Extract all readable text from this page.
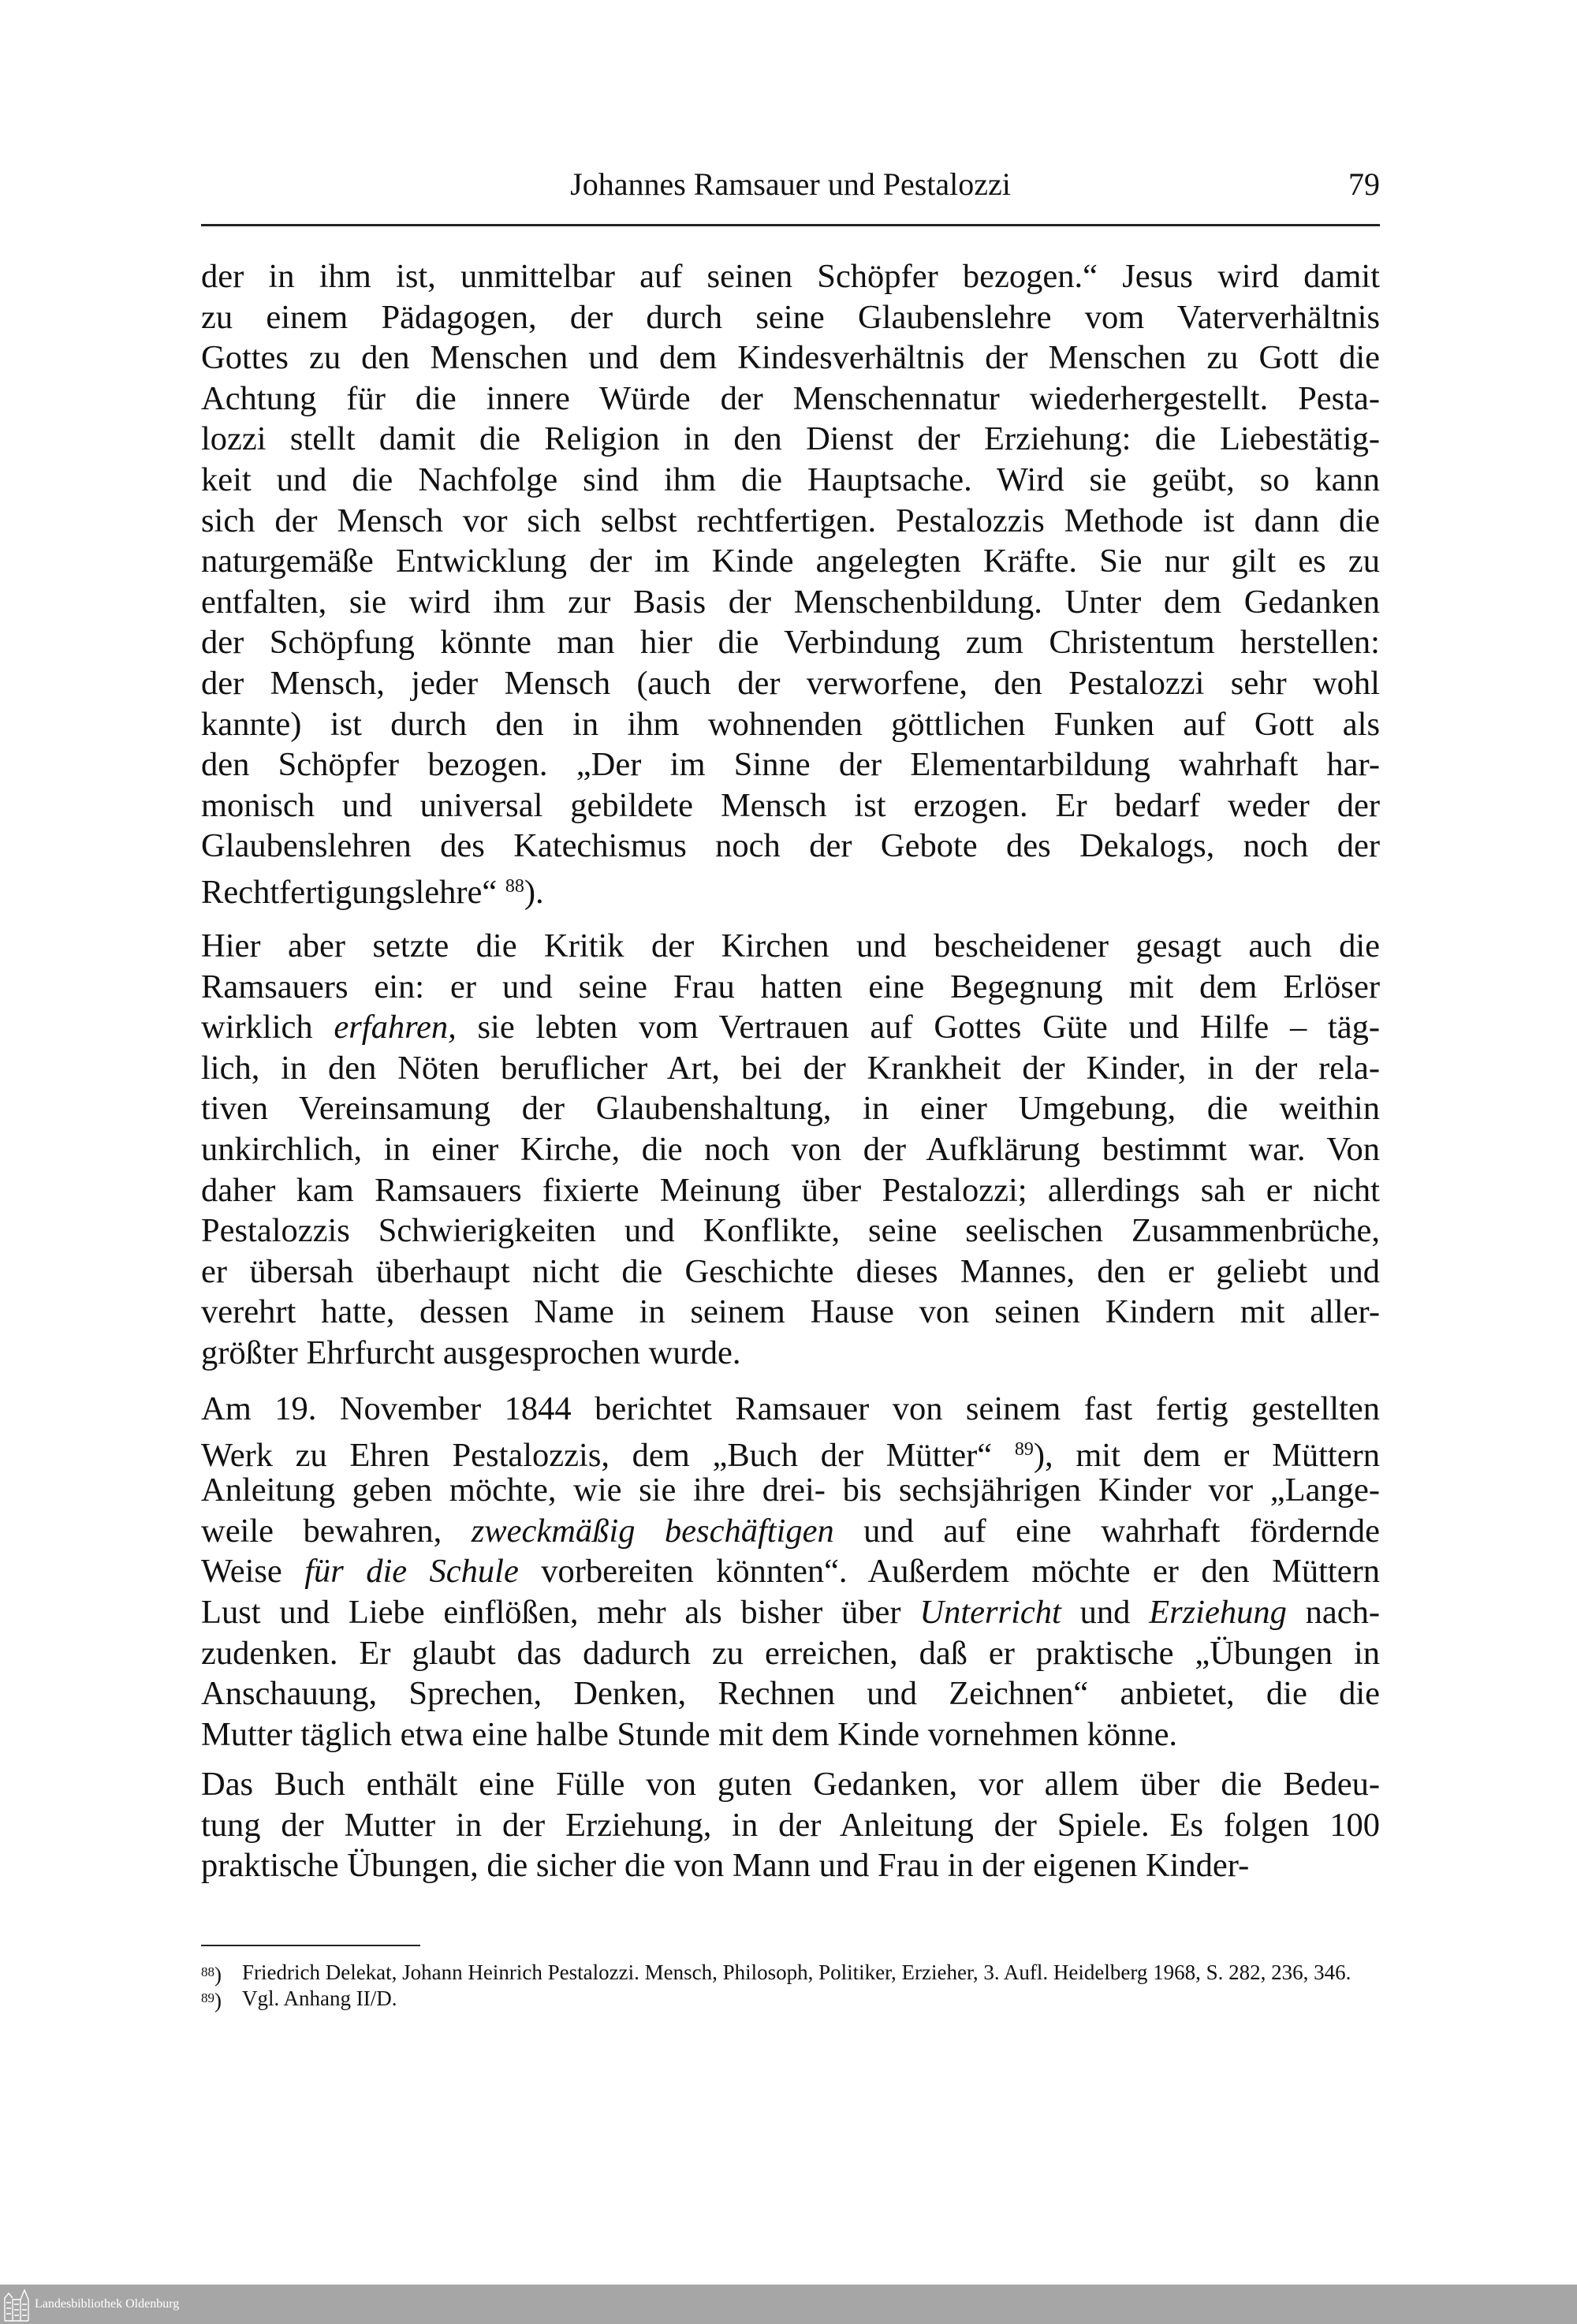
Johannes Ramsauer und Pestalozzi	79
der in ihm ist, unmittelbar auf seinen Schöpfer bezogen.“ Jesus wird damit
zu einem Pädagogen, der durch seine Glaubenslehre vom Vaterverhältnis
Gottes zu den Menschen und dem Kindesverhältnis der Menschen zu Gott die
Achtung für die innere Würde der Menschennatur wiederhergestellt. Pesta-
lozzi stellt damit die Religion in den Dienst der Erziehung: die Liebestätig-
keit und die Nachfolge sind ihm die Hauptsache. Wird sie geübt, so kann
sich der Mensch vor sich selbst rechtfertigen. Pestalozzis Methode ist dann die
naturgemäße Entwicklung der im Kinde angelegten Kräfte. Sie nur gilt es zu
entfalten, sie wird ihm zur Basis der Menschenbildung. Unter dem Gedanken
der Schöpfung könnte man hier die Verbindung zum Christentum herstellen:
der Mensch, jeder Mensch (auch der verworfene, den Pestalozzi sehr wohl
kannte) ist durch den in ihm wohnenden göttlichen Funken auf Gott als
den Schöpfer bezogen. „Der im Sinne der Elementarbildung wahrhaft har-
monisch und universal gebildete Mensch ist erzogen. Er bedarf weder der
Glaubenslehren des Katechismus noch der Gebote des Dekalogs, noch der
Rechtfertigungslehre“ $^{88}$).
Hier aber setzte die Kritik der Kirchen und bescheidener gesagt auch die
Ramsauers ein: er und seine Frau hatten eine Begegnung mit dem Erlöser
wirklich erfahren, sie lebten vom Vertrauen auf Gottes Güte und Hilfe – täg-
lich, in den Nöten beruflicher Art, bei der Krankheit der Kinder, in der rela-
tiven Vereinsamung der Glaubenshaltung, in einer Umgebung, die weithin
unkirchlich, in einer Kirche, die noch von der Aufklärung bestimmt war. Von
daher kam Ramsauers fixierte Meinung über Pestalozzi; allerdings sah er nicht
Pestalozzis Schwierigkeiten und Konflikte, seine seelischen Zusammenbrüche,
er übersah überhaupt nicht die Geschichte dieses Mannes, den er geliebt und
verehrt hatte, dessen Name in seinem Hause von seinen Kindern mit aller-
größter Ehrfurcht ausgesprochen wurde.
Am 19. November 1844 berichtet Ramsauer von seinem fast fertig gestellten
Werk zu Ehren Pestalozzis, dem „Buch der Mütter“ $^{89}$), mit dem er Müttern
Anleitung geben möchte, wie sie ihre drei- bis sechsjährigen Kinder vor „Lange-
weile bewahren, zweckmäßig beschäftigen und auf eine wahrhaft fördernde
Weise für die Schule vorbereiten könnten“. Außerdem möchte er den Müttern
Lust und Liebe einflößen, mehr als bisher über Unterricht und Erziehung nach-
zudenken. Er glaubt das dadurch zu erreichen, daß er praktische „Übungen in
Anschauung, Sprechen, Denken, Rechnen und Zeichnen“ anbietet, die die
Mutter täglich etwa eine halbe Stunde mit dem Kinde vornehmen könne.
Das Buch enthält eine Fülle von guten Gedanken, vor allem über die Bedeu-
tung der Mutter in der Erziehung, in der Anleitung der Spiele. Es folgen 100
praktische Übungen, die sicher die von Mann und Frau in der eigenen Kinder-
$^{88}$) Friedrich Delekat, Johann Heinrich Pestalozzi. Mensch, Philosoph, Politiker, Erzieher, 3. Aufl. Heidelberg 1968, S. 282, 236, 346.
$^{89}$) Vgl. Anhang II/D.
Landesbibliothek Oldenburg
